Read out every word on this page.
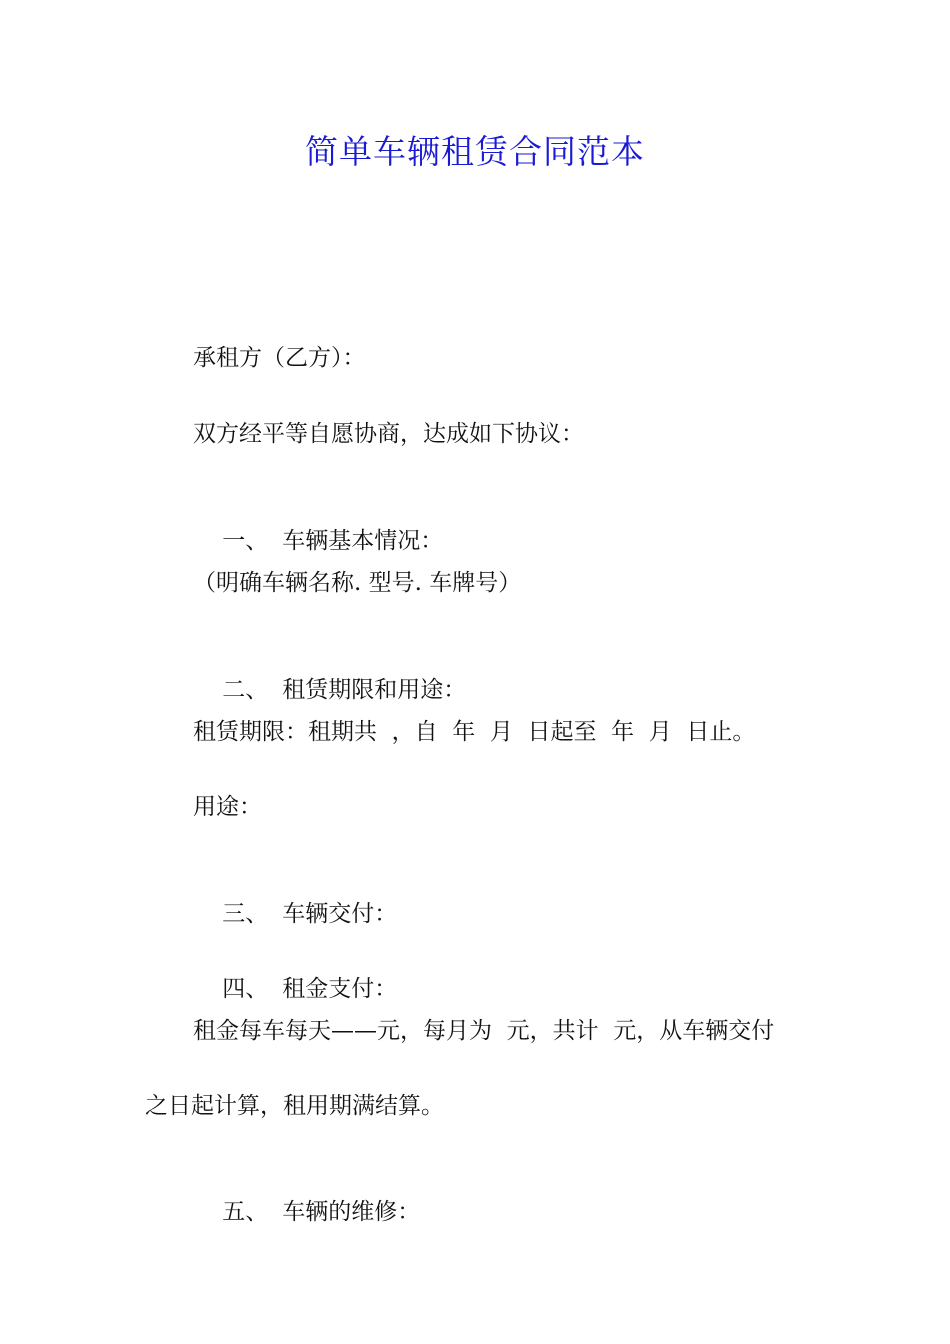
简单车辆租赁合同范本

承租方（乙方）：

双方经平等自愿协商，达成如下协议：

一、 车辆基本情况：

（明确车辆名称. 型号. 车牌号）

二、 租赁期限和用途：

租赁期限：租期共  ，自  年  月  日起至  年  月  日止。

用途：

三、 车辆交付：

四、 租金支付：

租金每车每天——元，每月为  元，共计  元，从车辆交付

之日起计算，租用期满结算。

五、 车辆的维修：
